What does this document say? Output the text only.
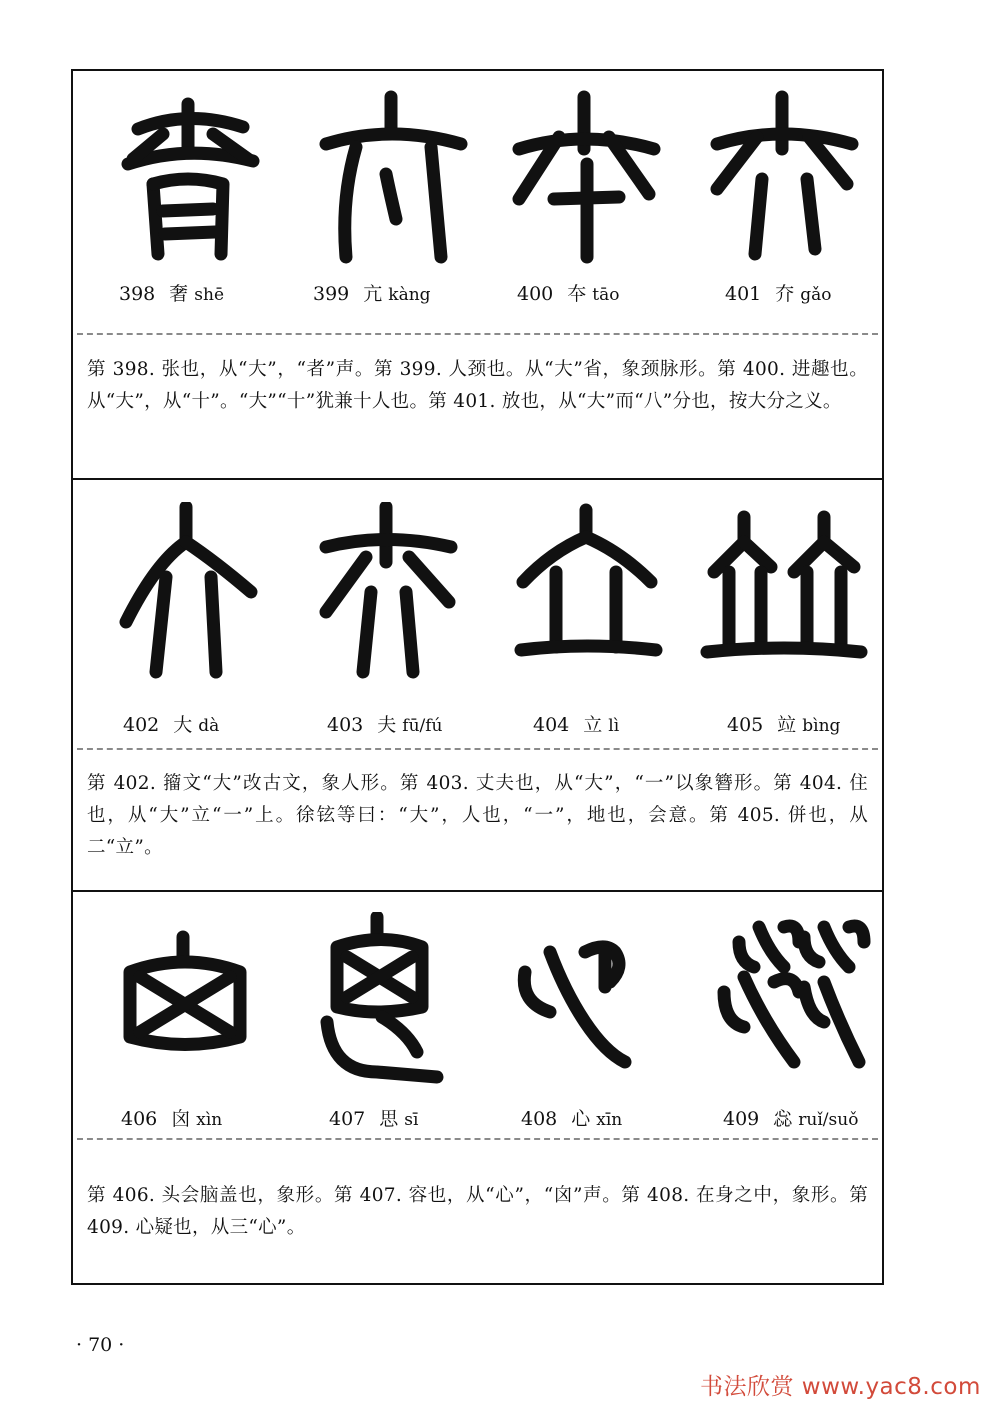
398 奢 shē	399 亢 kàng	400 夲 tāo	401 夰 gǎo
第 398. 张也，从“大”，“者”声。第 399. 人颈也。从“大”省，象颈脉形。第 400. 进趣也。从“大”，从“十”。“大”“十”犹兼十人也。第 401. 放也，从“大”而“八”分也，按大分之义。
402 大 dà	403 夫 fū/fú	404 立 lì	405 竝 bìng
第 402. 籀文“大”改古文，象人形。第 403. 丈夫也，从“大”，“一”以象簪形。第 404. 住也，从“大”立“一”上。徐铉等曰：“大”，人也，“一”，地也，会意。第 405. 併也，从二“立”。
406 囟 xìn	407 思 sī	408 心 xīn	409 惢 ruǐ/suǒ
第 406. 头会脑盖也，象形。第 407. 容也，从“心”，“囟”声。第 408. 在身之中，象形。第 409. 心疑也，从三“心”。
· 70 ·
书法欣赏 www.yac8.com
